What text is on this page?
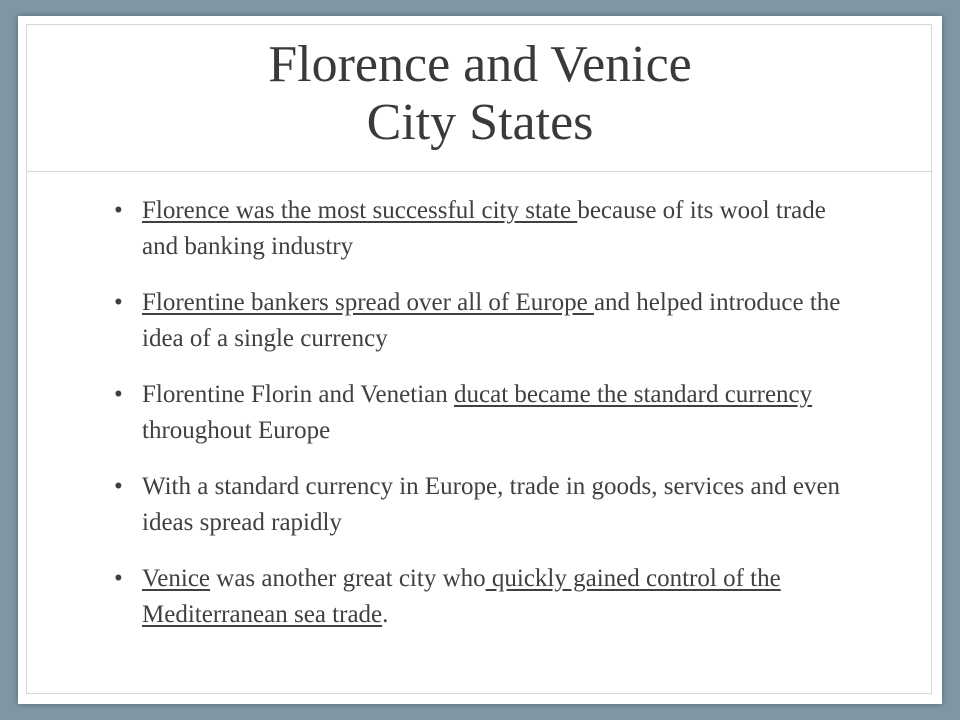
Florence and Venice
City States
• Florence was the most successful city state because of its wool trade and banking industry
• Florentine bankers spread over all of Europe and helped introduce the idea of a single currency
• Florentine Florin and Venetian ducat became the standard currency throughout Europe
• With a standard currency in Europe, trade in goods, services and even ideas spread rapidly
• Venice was another great city who quickly gained control of the Mediterranean sea trade.
